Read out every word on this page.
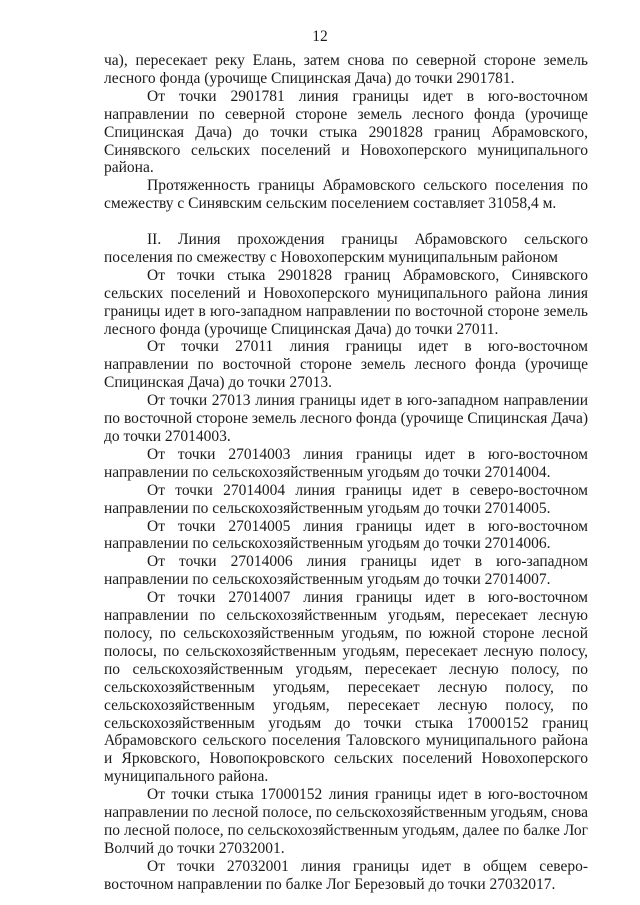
12

ча), пересекает реку Елань, затем снова по северной стороне земель лесного фонда (урочище Спицинская Дача) до точки 2901781.

От точки 2901781 линия границы идет в юго-восточном направлении по северной стороне земель лесного фонда (урочище Спицинская Дача) до точки стыка 2901828 границ Абрамовского, Синявского сельских поселений и Новохоперского муниципального района.

Протяженность границы Абрамовского сельского поселения по смежеству с Синявским сельским поселением составляет 31058,4 м.

II. Линия прохождения границы Абрамовского сельского поселения по смежеству с Новохоперским муниципальным районом

От точки стыка 2901828 границ Абрамовского, Синявского сельских поселений и Новохоперского муниципального района линия границы идет в юго-западном направлении по восточной стороне земель лесного фонда (урочище Спицинская Дача) до точки 27011.

От точки 27011 линия границы идет в юго-восточном направлении по восточной стороне земель лесного фонда (урочище Спицинская Дача) до точки 27013.

От точки 27013 линия границы идет в юго-западном направлении по восточной стороне земель лесного фонда (урочище Спицинская Дача) до точки 27014003.

От точки 27014003 линия границы идет в юго-восточном направлении по сельскохозяйственным угодьям до точки 27014004.

От точки 27014004 линия границы идет в северо-восточном направлении по сельскохозяйственным угодьям до точки 27014005.

От точки 27014005 линия границы идет в юго-восточном направлении по сельскохозяйственным угодьям до точки 27014006.

От точки 27014006 линия границы идет в юго-западном направлении по сельскохозяйственным угодьям до точки 27014007.

От точки 27014007 линия границы идет в юго-восточном направлении по сельскохозяйственным угодьям, пересекает лесную полосу, по сельскохозяйственным угодьям, по южной стороне лесной полосы, по сельскохозяйственным угодьям, пересекает лесную полосу, по сельскохозяйственным угодьям, пересекает лесную полосу, по сельскохозяйственным угодьям, пересекает лесную полосу, по сельскохозяйственным угодьям, пересекает лесную полосу, по сельскохозяйственным угодьям до точки стыка 17000152 границ Абрамовского сельского поселения Таловского муниципального района и Ярковского, Новопокровского сельских поселений Новохоперского муниципального района.

От точки стыка 17000152 линия границы идет в юго-восточном направлении по лесной полосе, по сельскохозяйственным угодьям, снова по лесной полосе, по сельскохозяйственным угодьям, далее по балке Лог Волчий до точки 27032001.

От точки 27032001 линия границы идет в общем северо-восточном направлении по балке Лог Березовый до точки 27032017.
